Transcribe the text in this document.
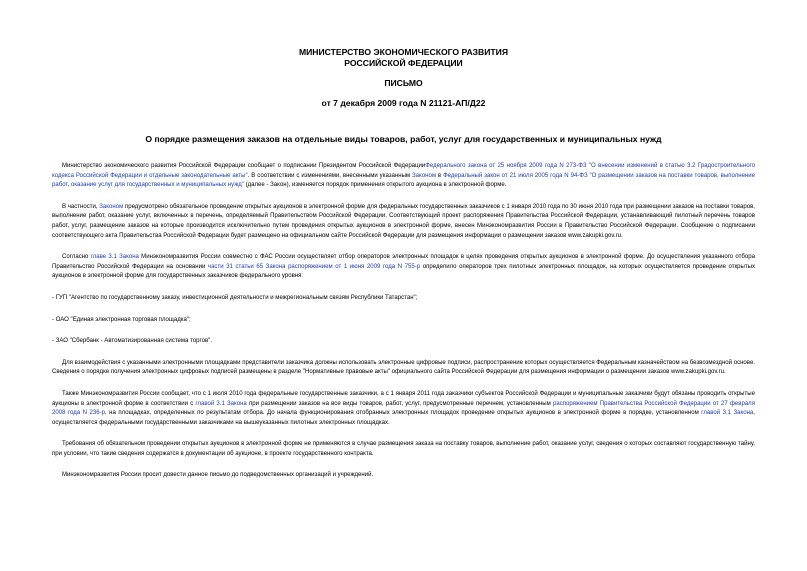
МИНИСТЕРСТВО ЭКОНОМИЧЕСКОГО РАЗВИТИЯ
РОССИЙСКОЙ ФЕДЕРАЦИИ
ПИСЬМО
от 7 декабря 2009 года N 21121-АП/Д22
О порядке размещения заказов на отдельные виды товаров, работ, услуг для государственных и муниципальных нужд

Министерство экономического развития Российской Федерации сообщает о подписании Президентом Российской ФедерацииФедерального закона от 25 ноября 2009 года N 273-ФЗ "О внесении изменений в статью 3.2 Градостроительного кодекса Российской Федерации и отдельные законодательные акты". В соответствии с изменениями, внесенными указанным Законом в Федеральный закон от 21 июля 2005 года N 94-ФЗ "О размещении заказов на поставки товаров, выполнение работ, оказание услуг для государственных и муниципальных нужд" (далее - Закон), изменяется порядок применения открытого аукциона в электронной форме.

В частности, Законом предусмотрено обязательное проведение открытых аукционов в электронной форме для федеральных государственных заказчиков с 1 января 2010 года по 30 июня 2010 года при размещении заказов на поставки товаров, выполнение работ, оказание услуг, включенных в перечень, определяемый Правительством Российской Федерации. Соответствующий проект распоряжения Правительства Российской Федерации, устанавливающий пилотный перечень товаров работ, услуг, размещение заказов на которые производится исключительно путем проведения открытых аукционов в электронной форме, внесен Минэкономразвития России в Правительство Российской Федерации. Сообщение о подписании соответствующего акта Правительства Российской Федерации будет размещено на официальном сайте Российской Федерации для размещения информации о размещении заказов www.zakupki.gov.ru.

Согласно главе 3.1 Закона Минэкономразвития России совместно с ФАС России осуществляет отбор операторов электронных площадок в целях проведения открытых аукционов в электронной форме. До осуществления указанного отбора Правительство Российской Федерации на основании части 31 статьи 65 Закона распоряжением от 1 июня 2009 года N 755-р определило операторов трех пилотных электронных площадок, на которых осуществляется проведение открытых аукционов в электронной форме для государственных заказчиков федерального уровня:

- ГУП "Агентство по государственному заказу, инвестиционной деятельности и межрегиональным связям Республики Татарстан";

- ОАО "Единая электронная торговая площадка";

- ЗАО "Сбербанк - Автоматизированная система торгов".

Для взаимодействия с указанными электронными площадками представители заказчика должны использовать электронные цифровые подписи, распространение которых осуществляется Федеральным казначейством на безвозмездной основе. Сведения о порядке получения электронных цифровых подписей размещены в разделе "Нормативные правовые акты" официального сайта Российской Федерации для размещения информации о размещении заказов www.zakupki.gov.ru.

Также Минэкономразвития России сообщает, что с 1 июля 2010 года федеральные государственные заказчики, а с 1 января 2011 года заказчики субъектов Российской Федерации и муниципальные заказчики будут обязаны проводить открытые аукционы в электронной форме в соответствии с главой 3.1 Закона при размещении заказов на все виды товаров, работ, услуг, предусмотренные перечнем, установленным распоряжением Правительства Российской Федерации от 27 февраля 2008 года N 236-р, на площадках, определенных по результатам отбора. До начала функционирования отобранных электронных площадок проведение открытых аукционов в электронной форме в порядке, установленном главой 3.1 Закона, осуществляется федеральными государственными заказчиками на вышеуказанных пилотных электронных площадках.

Требования об обязательном проведении открытых аукционов в электронной форме не применяются в случае размещения заказа на поставку товаров, выполнение работ, оказание услуг, сведения о которых составляют государственную тайну, при условии, что такие сведения содержатся в документации об аукционе, в проекте государственного контракта.

Минэкономразвития России просит довести данное письмо до подведомственных организаций и учреждений.
